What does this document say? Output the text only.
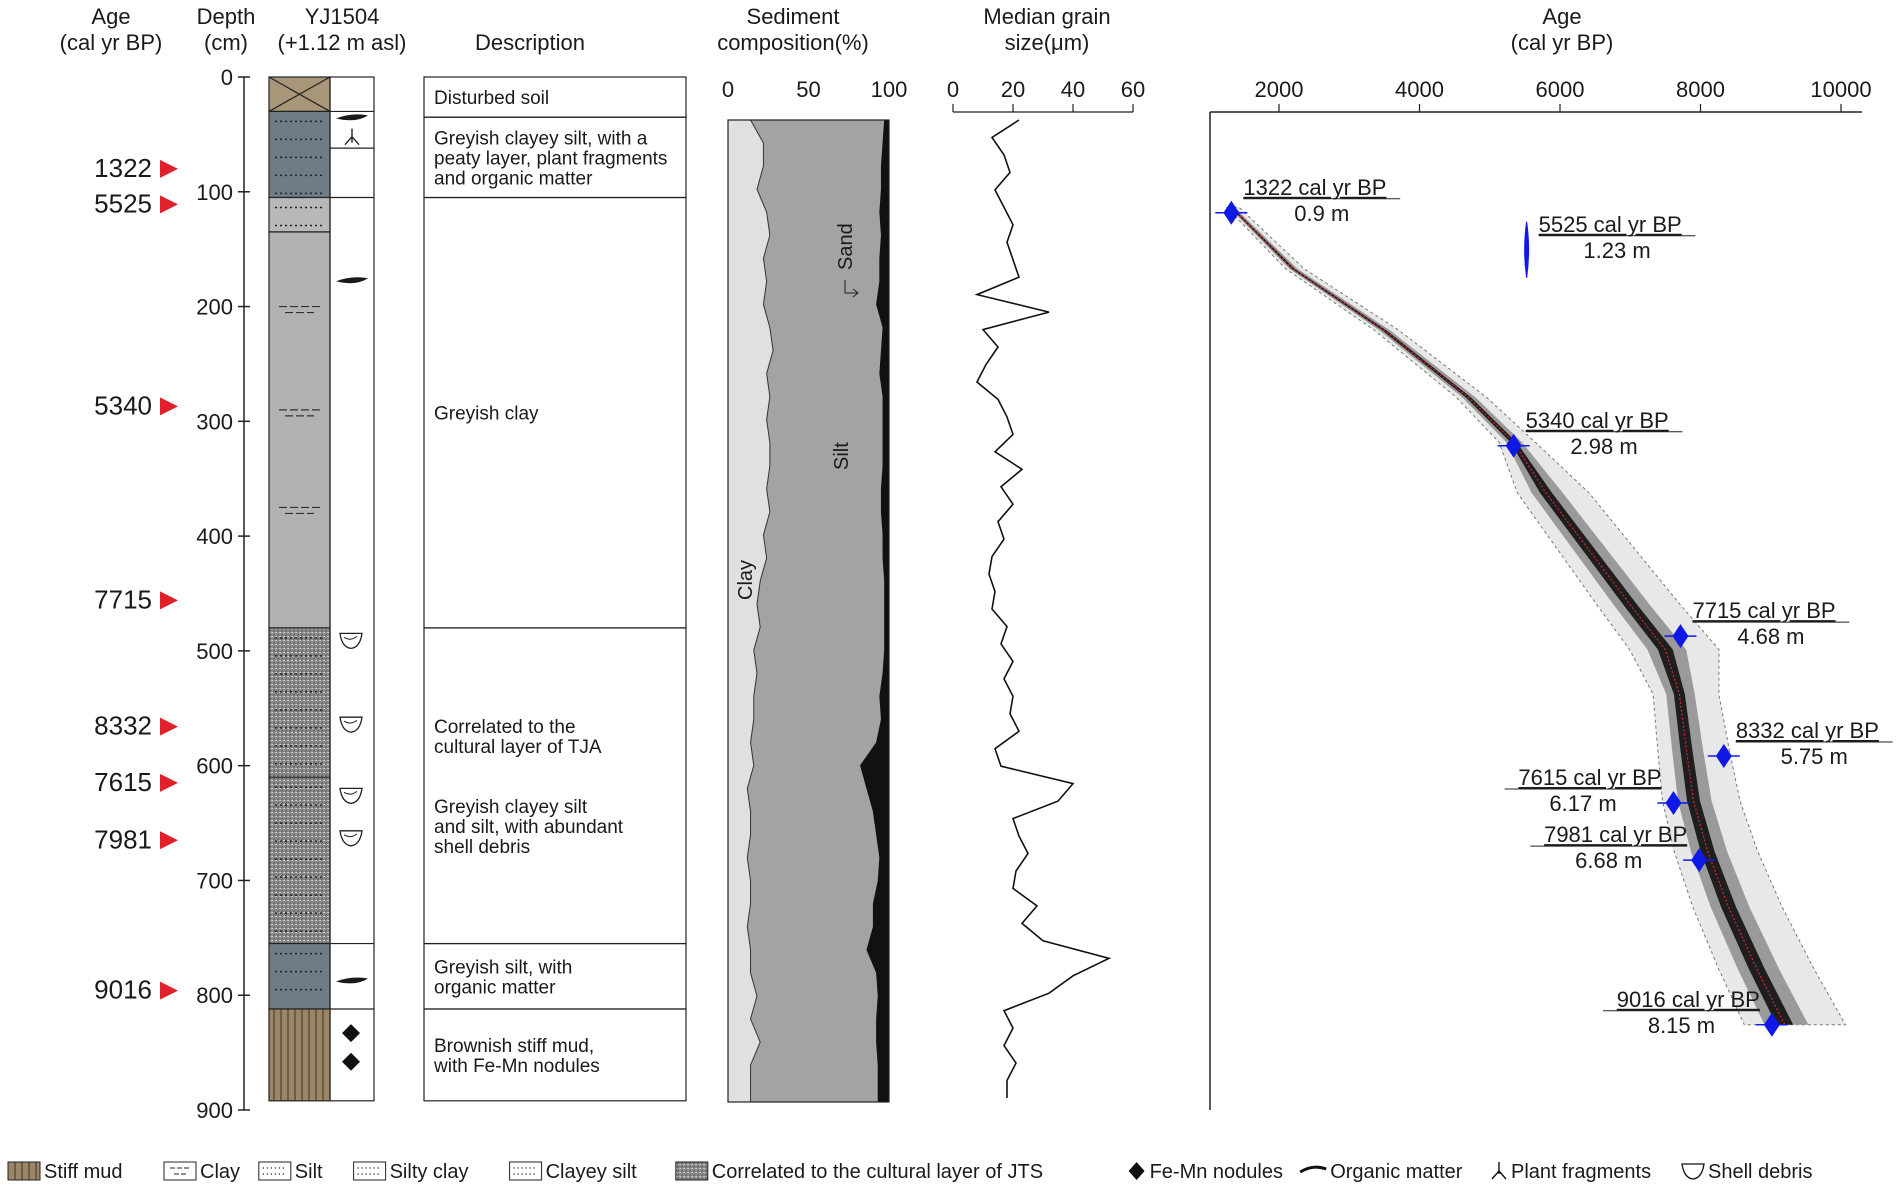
Age
(cal yr BP)
Depth
(cm)
YJ1504
(+1.12 m asl)	Description
Sediment
composition(%)
Median grain
size(μm)
Age
(cal yr BP)
1322
5525
5340
7715
8332
7615
7981
9016
0
100
200
300
400
500
600
700
800
900
Disturbed soil
Greyish clayey silt, with a
peaty layer, plant fragments
and organic matter
Greyish clay
Correlated to the
cultural layer of TJA
Greyish clayey silt
and silt, with abundant
shell debris
Greyish silt, with
organic matter
Brownish stiff mud,
with Fe-Mn nodules
0	50 100
Clay
Silt
Sand
0 20 40 60	2000	4000	6000	8000	10000
1322 cal yr BP
0.9 m	5525 cal yr BP
1.23 m
5340 cal yr BP
2.98 m
7715 cal yr BP
4.68 m
8332 cal yr BP
5.75 m
7615 cal yr BP
6.17 m
7981 cal yr BP
6.68 m
9016 cal yr BP
8.15 m
Stiff mud	Clay	Silt	Silty clay	Clayey silt	Correlated to the cultural layer of JTS	Fe-Mn nodules Organic matter Plant fragments	Shell debris
